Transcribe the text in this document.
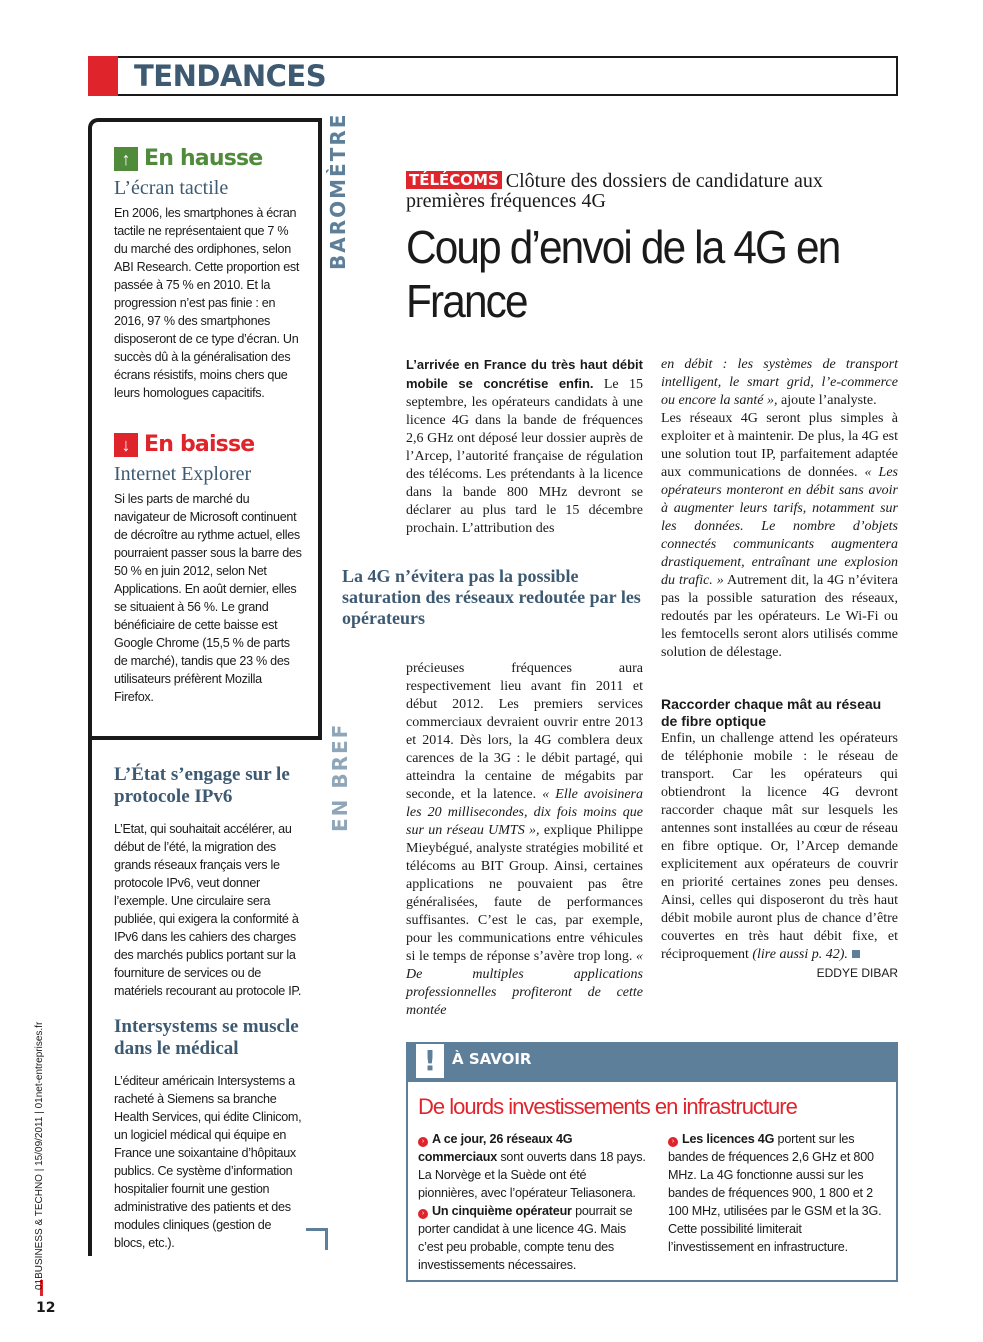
TENDANCES
↑ En hausse
L’écran tactile
En 2006, les smartphones à écran tactile ne représentaient que 7 % du marché des ordiphones, selon ABI Research. Cette proportion est passée à 75 % en 2010. Et la progression n’est pas finie : en 2016, 97 % des smartphones disposeront de ce type d’écran. Un succès dû à la généralisation des écrans résistifs, moins chers que leurs homologues capacitifs.
↓ En baisse
Internet Explorer
Si les parts de marché du navigateur de Microsoft continuent de décroître au rythme actuel, elles pourraient passer sous la barre des 50 % en juin 2012, selon Net Applications. En août dernier, elles se situaient à 56 %. Le grand bénéficiaire de cette baisse est Google Chrome (15,5 % de parts de marché), tandis que 23 % des utilisateurs préfèrent Mozilla Firefox.
L’État s’engage sur le protocole IPv6
L’Etat, qui souhaitait accélérer, au début de l’été, la migration des grands réseaux français vers le protocole IPv6, veut donner l’exemple. Une circulaire sera publiée, qui exigera la conformité à IPv6 dans les cahiers des charges des marchés publics portant sur la fourniture de services ou de matériels recourant au protocole IP.
Intersystems se muscle dans le médical
L’éditeur américain Intersystems a racheté à Siemens sa branche Health Services, qui édite Clinicom, un logiciel médical qui équipe en France une soixantaine d’hôpitaux publics. Ce système d’information hospitalier fournit une gestion administrative des patients et des modules cliniques (gestion de blocs, etc.).
BAROMÈTRE
EN BREF
TÉLÉCOMS Clôture des dossiers de candidature aux premières fréquences 4G
Coup d’envoi de la 4G en France

L’arrivée en France du très haut débit mobile se concrétise enfin. Le 15 septembre, les opérateurs candidats à une licence 4G dans la bande de fréquences 2,6 GHz ont déposé leur dossier auprès de l’Arcep, l’autorité française de régulation des télécoms. Les prétendants à la licence dans la bande 800 MHz devront se déclarer au plus tard le 15 décembre prochain. L’attribution des

La 4G n’évitera pas la possible saturation des réseaux redoutée par les opérateurs

précieuses fréquences aura respectivement lieu avant fin 2011 et début 2012. Les premiers services commerciaux devraient ouvrir entre 2013 et 2014. Dès lors, la 4G comblera deux carences de la 3G : le débit partagé, qui atteindra la centaine de mégabits par seconde, et la latence. « Elle avoisinera les 20 millisecondes, dix fois moins que sur un réseau UMTS », explique Philippe Mieybégué, analyste stratégies mobilité et télécoms au BIT Group. Ainsi, certaines applications ne pouvaient pas être généralisées, faute de performances suffisantes. C’est le cas, par exemple, pour les communications entre véhicules si le temps de réponse s’avère trop long. « De multiples applications professionnelles profiteront de cette montée

en débit : les systèmes de transport intelligent, le smart grid, l’e-commerce ou encore la santé », ajoute l’analyste.

Les réseaux 4G seront plus simples à exploiter et à maintenir. De plus, la 4G est une solution tout IP, parfaitement adaptée aux communications de données. « Les opérateurs monteront en débit sans avoir à augmenter leurs tarifs, notamment sur les données. Le nombre d’objets connectés communicants augmentera drastiquement, entraînant une explosion du trafic. » Autrement dit, la 4G n’évitera pas la possible saturation des réseaux, redoutés par les opérateurs. Le Wi-Fi ou les femtocells seront alors utilisés comme solution de délestage.

Raccorder chaque mât au réseau de fibre optique

Enfin, un challenge attend les opérateurs de téléphonie mobile : le réseau de transport. Car les opérateurs qui obtiendront la licence 4G devront raccorder chaque mât sur lesquels les antennes sont installées au cœur de réseau en fibre optique. Or, l’Arcep demande explicitement aux opérateurs de couvrir en priorité certaines zones peu denses. Ainsi, celles qui disposeront du très haut débit mobile auront plus de chance d’être couvertes en très haut débit fixe, et réciproquement (lire aussi p. 42).
EDDYE DIBAR

!	À SAVOIR
De lourds investissements en infrastructure
› A ce jour, 26 réseaux 4G commerciaux sont ouverts dans 18 pays. La Norvège et la Suède ont été pionnières, avec l’opérateur Teliasonera.
› Un cinquième opérateur pourrait se porter candidat à une licence 4G. Mais c’est peu probable, compte tenu des investissements nécessaires.
› Les licences 4G portent sur les bandes de fréquences 2,6 GHz et 800 MHz. La 4G fonctionne aussi sur les bandes de fréquences 900, 1 800 et 2 100 MHz, utilisées par le GSM et la 3G. Cette possibilité limiterait l’investissement en infrastructure.
01BUSINESS & TECHNO | 15/09/2011 | 01net-entreprises.fr
12
